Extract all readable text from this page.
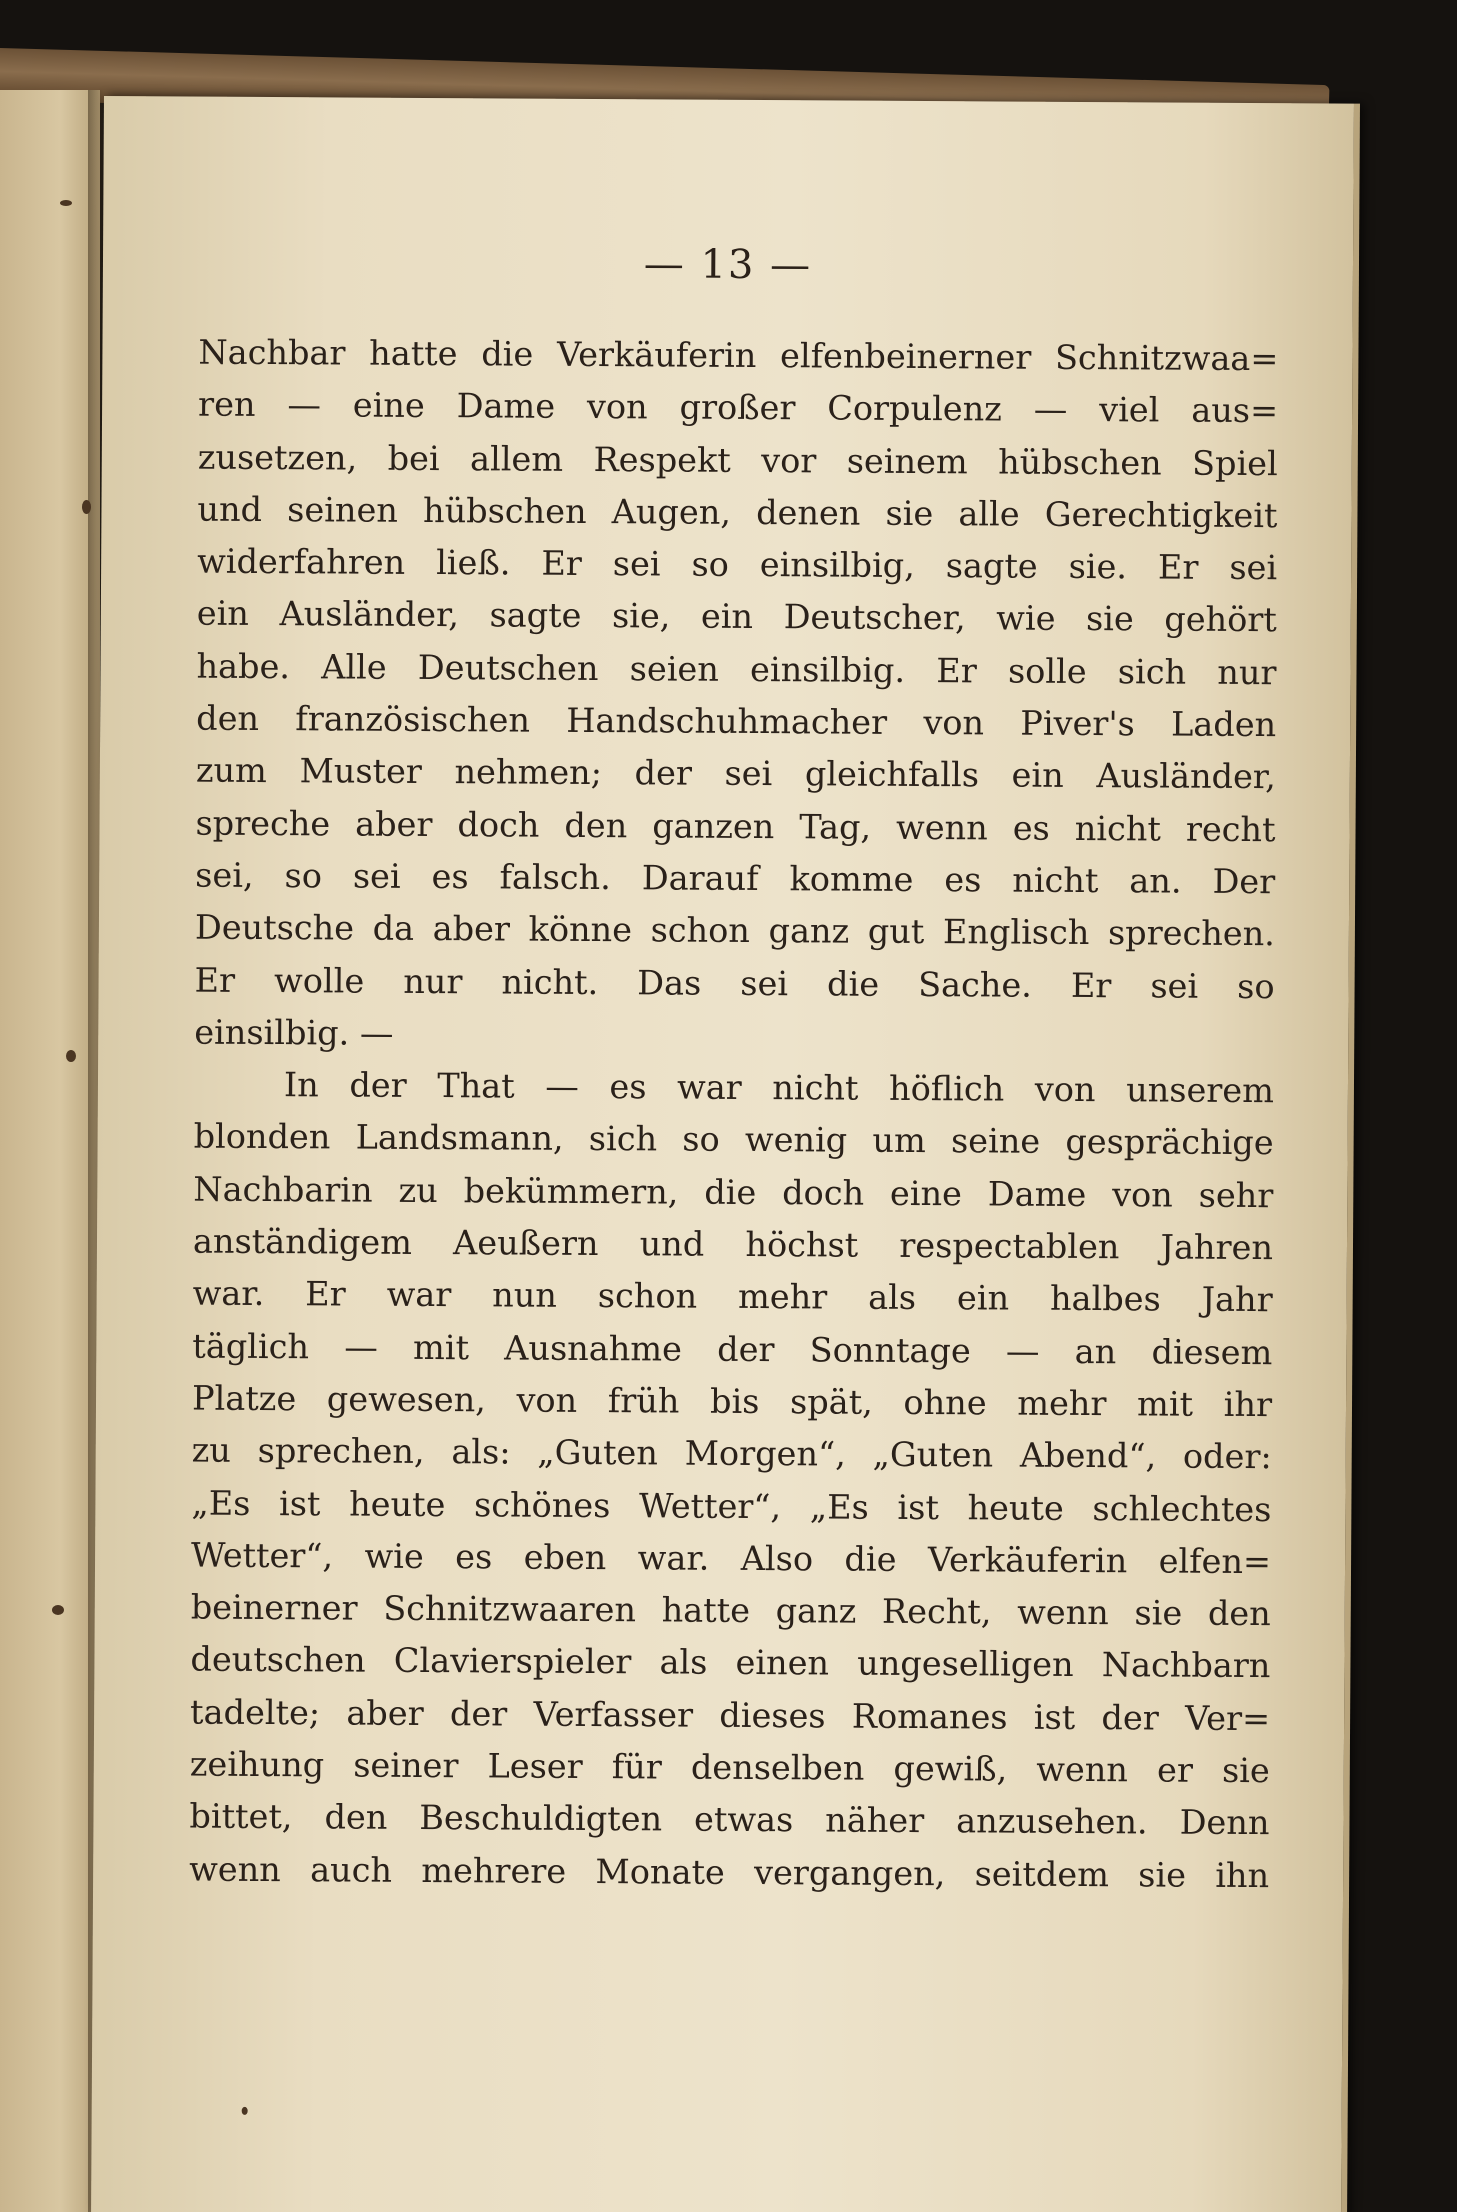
— 13 —
Nachbar hatte die Verkäuferin elfenbeinerner Schnitzwaa=
ren — eine Dame von großer Corpulenz — viel aus=
zusetzen, bei allem Respekt vor seinem hübschen Spiel
und seinen hübschen Augen, denen sie alle Gerechtigkeit
widerfahren ließ. Er sei so einsilbig, sagte sie. Er sei
ein Ausländer, sagte sie, ein Deutscher, wie sie gehört
habe. Alle Deutschen seien einsilbig. Er solle sich nur
den französischen Handschuhmacher von Piver's Laden
zum Muster nehmen; der sei gleichfalls ein Ausländer,
spreche aber doch den ganzen Tag, wenn es nicht recht
sei, so sei es falsch. Darauf komme es nicht an. Der
Deutsche da aber könne schon ganz gut Englisch sprechen.
Er wolle nur nicht. Das sei die Sache. Er sei so
einsilbig. —
In der That — es war nicht höflich von unserem
blonden Landsmann, sich so wenig um seine gesprächige
Nachbarin zu bekümmern, die doch eine Dame von sehr
anständigem Aeußern und höchst respectablen Jahren
war. Er war nun schon mehr als ein halbes Jahr
täglich — mit Ausnahme der Sonntage — an diesem
Platze gewesen, von früh bis spät, ohne mehr mit ihr
zu sprechen, als: „Guten Morgen“, „Guten Abend“, oder:
„Es ist heute schönes Wetter“, „Es ist heute schlechtes
Wetter“, wie es eben war. Also die Verkäuferin elfen=
beinerner Schnitzwaaren hatte ganz Recht, wenn sie den
deutschen Clavierspieler als einen ungeselligen Nachbarn
tadelte; aber der Verfasser dieses Romanes ist der Ver=
zeihung seiner Leser für denselben gewiß, wenn er sie
bittet, den Beschuldigten etwas näher anzusehen. Denn
wenn auch mehrere Monate vergangen, seitdem sie ihn
